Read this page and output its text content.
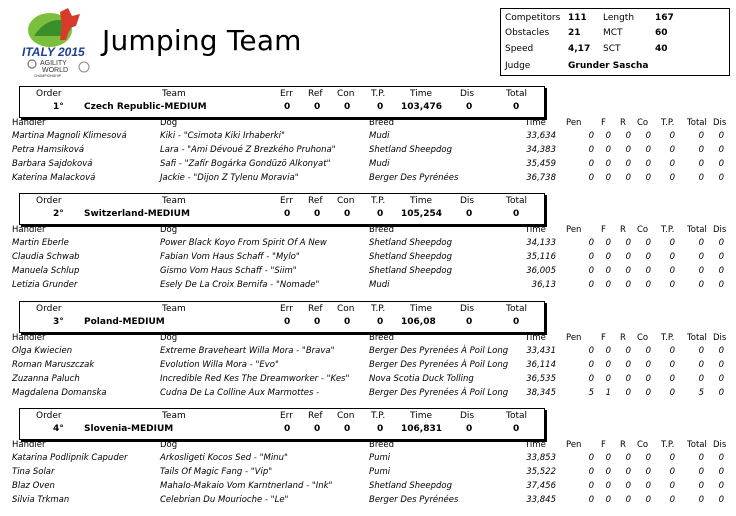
ITALY 2015
AGILITY
WORLD
CHAMPIONSHIP
Jumping Team
Competitors 111 Length 167
Obstacles 21 MCT	60
Speed	4,17 SCT	40
Judge	Grunder Sascha
Order	Team	Err Ref Con T.P.	Time	Dis	Total
1° Czech Republic-MEDIUM	0	0	0	0 103,476	0	0
Handler	Dog	Breed	Time Pen F R Co T.P. Total Dis
Martina Magnoli Klimesová	Kiki - "Csimota Kiki Irhaberki"	Mudi	33,634	0 0 0 0 0	0 0
Petra Hamsiková	Lara - "Ami Dévoué Z Brezkého Pruhona"	Shetland Sheepdog	34,383	0 0 0 0 0	0 0
Barbara Sajdoková	Safi - "Zafír Bogárka Gondüzö Alkonyat"	Mudi	35,459	0 0 0 0 0	0 0
Katerina Malacková	Jackie - "Dijon Z Tylenu Moravia"	Berger Des Pyrénées	36,738	0 0 0 0 0	0 0
Order	Team	Err Ref Con T.P.	Time	Dis	Total
2° Switzerland-MEDIUM	0	0	0	0 105,254	0	0
Handler	Dog	Breed	Time Pen F R Co T.P. Total Dis
Martin Eberle	Power Black Koyo From Spirit Of A New	Shetland Sheepdog	34,133	0 0 0 0 0	0 0
Claudia Schwab	Fabian Vom Haus Schaff - "Mylo"	Shetland Sheepdog	35,116	0 0 0 0 0	0 0
Manuela Schlup	Gismo Vom Haus Schaff - "Siim"	Shetland Sheepdog	36,005	0 0 0 0 0	0 0
Letizia Grunder	Esely De La Croix Bernifa - "Nomade"	Mudi	36,13	0 0 0 0 0	0 0
Order	Team	Err Ref Con T.P.	Time	Dis	Total
3° Poland-MEDIUM	0	0	0	0 106,08	0	0
Handler	Dog	Breed	Time Pen F R Co T.P. Total Dis
Olga Kwiecien	Extreme Braveheart Willa Mora - "Brava"	Berger Des Pyrenées À Poil Long 33,431	0 0 0 0 0	0 0
Roman Maruszczak	Evolution Willa Mora - "Evo"	Berger Des Pyrenées À Poil Long 36,114	0 0 0 0 0	0 0
Zuzanna Paluch	Incredible Red Kes The Dreamworker - "Kes" Nova Scotia Duck Tolling	36,535	0 0 0 0 0	0 0
Magdalena Domanska	Cudna De La Colline Aux Marmottes -	Berger Des Pyrenées À Poil Long 38,345	5 1 0 0 0	5 0
Order	Team	Err Ref Con T.P.	Time	Dis	Total
4° Slovenia-MEDIUM	0	0	0	0 106,831	0	0
Handler	Dog	Breed	Time Pen F R Co T.P. Total Dis
Katarina Podlipnik Capuder	Arkosligeti Kocos Sed - "Minu"	Pumi	33,853	0 0 0 0 0	0 0
Tina Solar	Tails Of Magic Fang - "Vip"	Pumi	35,522	0 0 0 0 0	0 0
Blaz Oven	Mahalo-Makaio Vom Karntnerland - "Ink"	Shetland Sheepdog	37,456	0 0 0 0 0	0 0
Silvia Trkman	Celebrian Du Mourioche - "Le"	Berger Des Pyrénées	33,845	0 0 0 0 0	0 0
